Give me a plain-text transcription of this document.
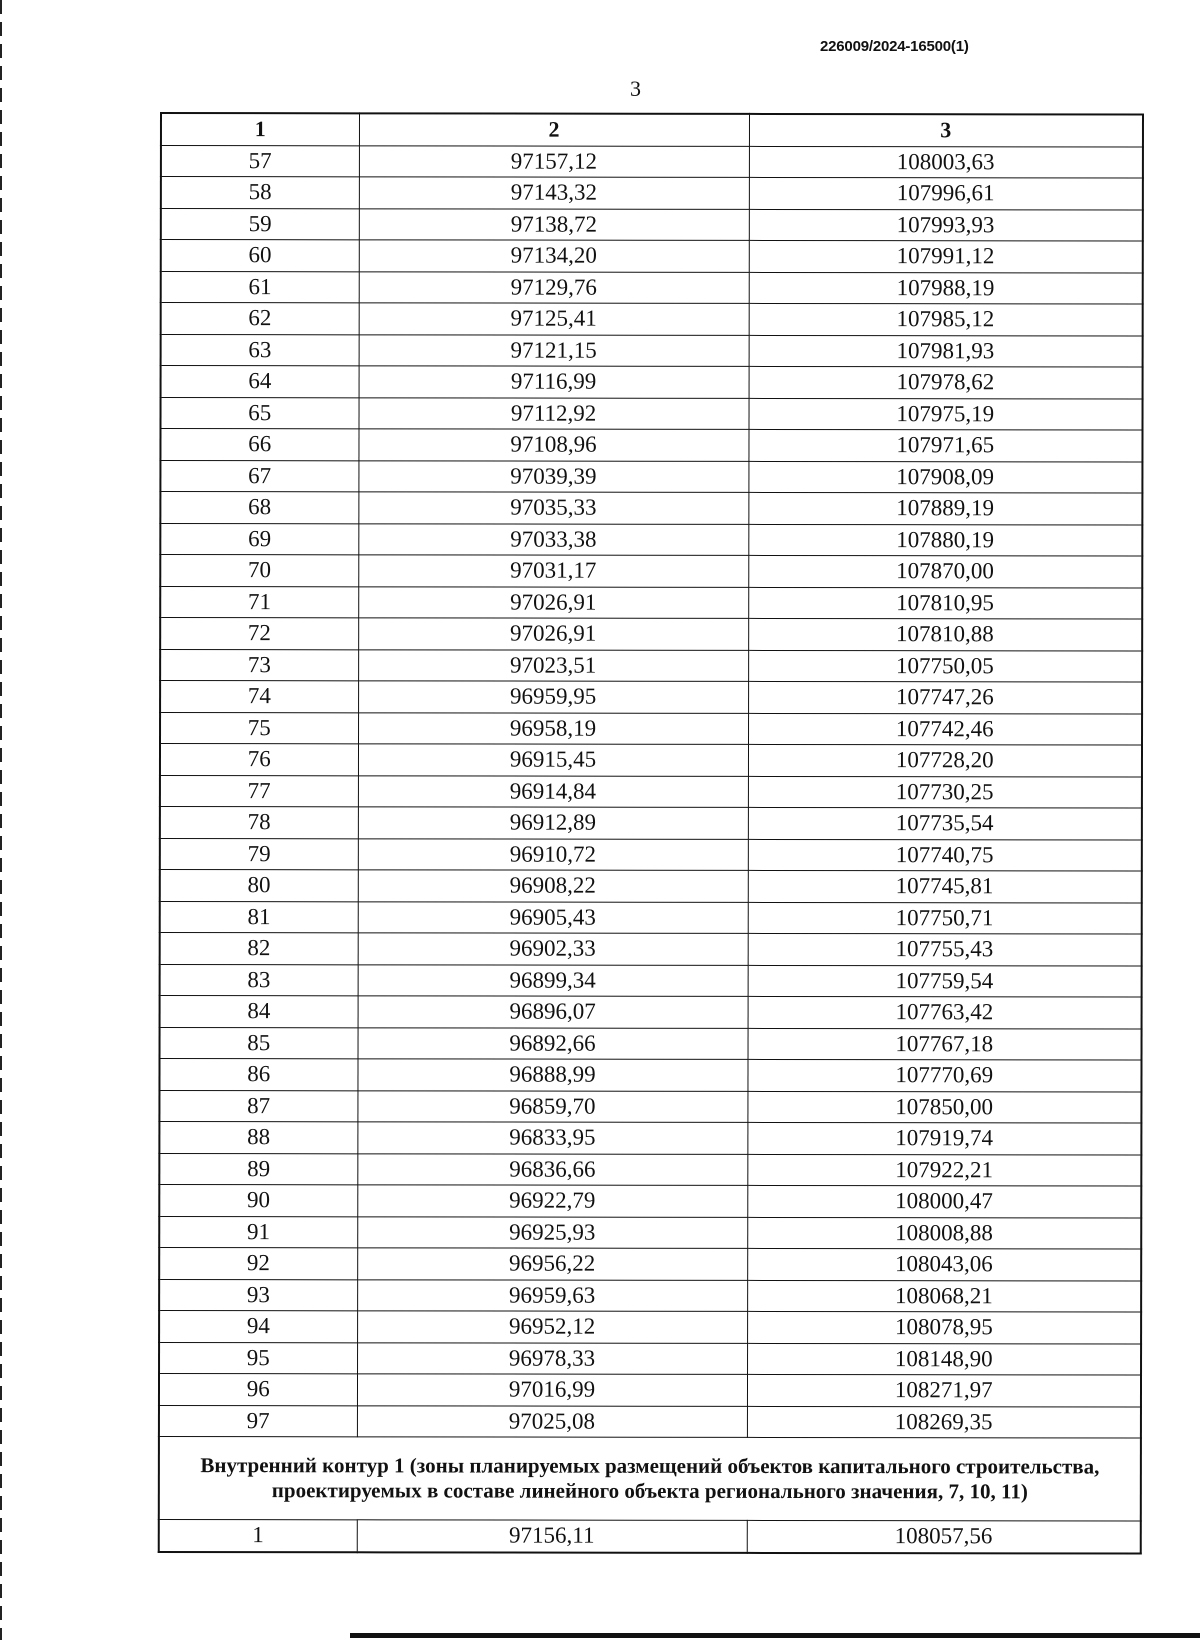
226009/2024-16500(1)
3
1	2	3
57	97157,12	108003,63
58	97143,32	107996,61
59	97138,72	107993,93
60	97134,20	107991,12
61	97129,76	107988,19
62	97125,41	107985,12
63	97121,15	107981,93
64	97116,99	107978,62
65	97112,92	107975,19
66	97108,96	107971,65
67	97039,39	107908,09
68	97035,33	107889,19
69	97033,38	107880,19
70	97031,17	107870,00
71	97026,91	107810,95
72	97026,91	107810,88
73	97023,51	107750,05
74	96959,95	107747,26
75	96958,19	107742,46
76	96915,45	107728,20
77	96914,84	107730,25
78	96912,89	107735,54
79	96910,72	107740,75
80	96908,22	107745,81
81	96905,43	107750,71
82	96902,33	107755,43
83	96899,34	107759,54
84	96896,07	107763,42
85	96892,66	107767,18
86	96888,99	107770,69
87	96859,70	107850,00
88	96833,95	107919,74
89	96836,66	107922,21
90	96922,79	108000,47
91	96925,93	108008,88
92	96956,22	108043,06
93	96959,63	108068,21
94	96952,12	108078,95
95	96978,33	108148,90
96	97016,99	108271,97
97	97025,08	108269,35
Внутренний контур 1 (зоны планируемых размещений объектов капитального строительства, проектируемых в составе линейного объекта регионального значения, 7, 10, 11)		
1	97156,11	108057,56
